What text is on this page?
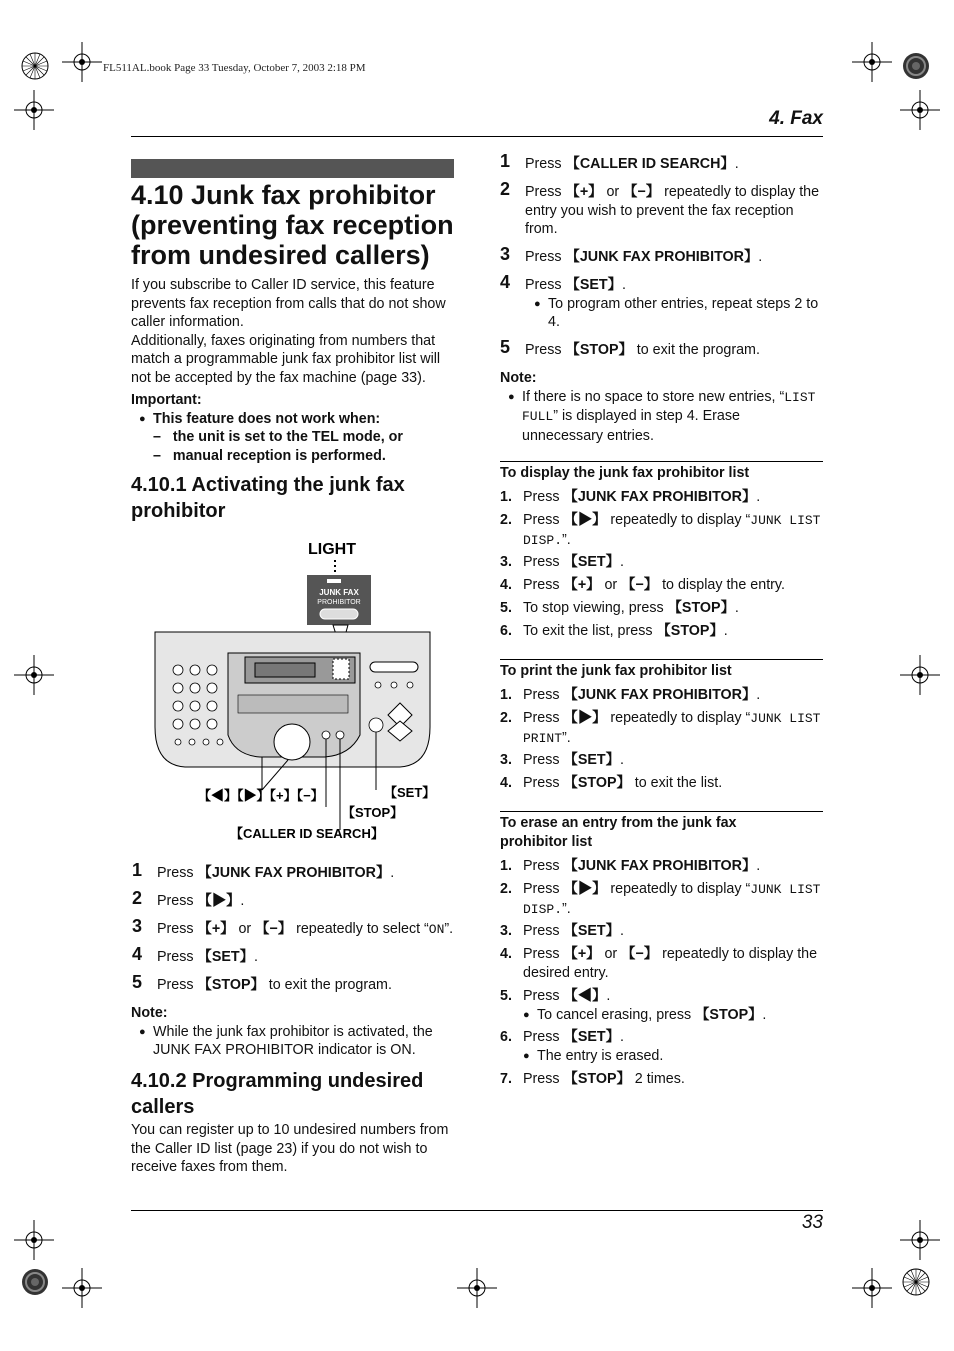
FL511AL.book Page 33 Tuesday, October 7, 2003 2:18 PM
4. Fax
4.10 Junk fax prohibitor (preventing fax reception from undesired callers)

If you subscribe to Caller ID service, this feature prevents fax reception from calls that do not show caller information.

Additionally, faxes originating from numbers that match a programmable junk fax prohibitor list will not be accepted by the fax machine (page 33).

Important:
● This feature does not work when:
–   the unit is set to the TEL mode, or
–   manual reception is performed.
4.10.1 Activating the junk fax prohibitor
LIGHT
JUNK FAX
PROHIBITOR
【◀】【▶】【+】【−】	【SET】
【STOP】
【CALLER ID SEARCH】
1 Press 【JUNK FAX PROHIBITOR】.
2 Press 【▶】.
3 Press 【+】 or 【−】 repeatedly to select “ON”.
4 Press 【SET】.
5 Press 【STOP】 to exit the program.
Note:
● While the junk fax prohibitor is activated, the JUNK FAX PROHIBITOR indicator is ON.
4.10.2 Programming undesired callers
You can register up to 10 undesired numbers from the Caller ID list (page 23) if you do not wish to receive faxes from them.
1 Press 【CALLER ID SEARCH】.
2 Press 【+】 or 【−】 repeatedly to display the entry you wish to prevent the fax reception from.
3 Press 【JUNK FAX PROHIBITOR】.
4 Press 【SET】.
● To program other entries, repeat steps 2 to 4.
5 Press 【STOP】 to exit the program.
Note:
● If there is no space to store new entries, “LIST FULL” is displayed in step 4. Erase unnecessary entries.
To display the junk fax prohibitor list
1. Press 【JUNK FAX PROHIBITOR】.
2. Press 【▶】 repeatedly to display “JUNK LIST DISP.”.
3. Press 【SET】.
4. Press 【+】 or 【−】 to display the entry.
5. To stop viewing, press 【STOP】.
6. To exit the list, press 【STOP】.
To print the junk fax prohibitor list
1. Press 【JUNK FAX PROHIBITOR】.
2. Press 【▶】 repeatedly to display “JUNK LIST PRINT”.
3. Press 【SET】.
4. Press 【STOP】 to exit the list.
To erase an entry from the junk fax prohibitor list
1. Press 【JUNK FAX PROHIBITOR】.
2. Press 【▶】 repeatedly to display “JUNK LIST DISP.”.
3. Press 【SET】.
4. Press 【+】 or 【−】 repeatedly to display the desired entry.
5. Press 【◀】.
● To cancel erasing, press 【STOP】.
6. Press 【SET】.
● The entry is erased.
7. Press 【STOP】 2 times.
33
